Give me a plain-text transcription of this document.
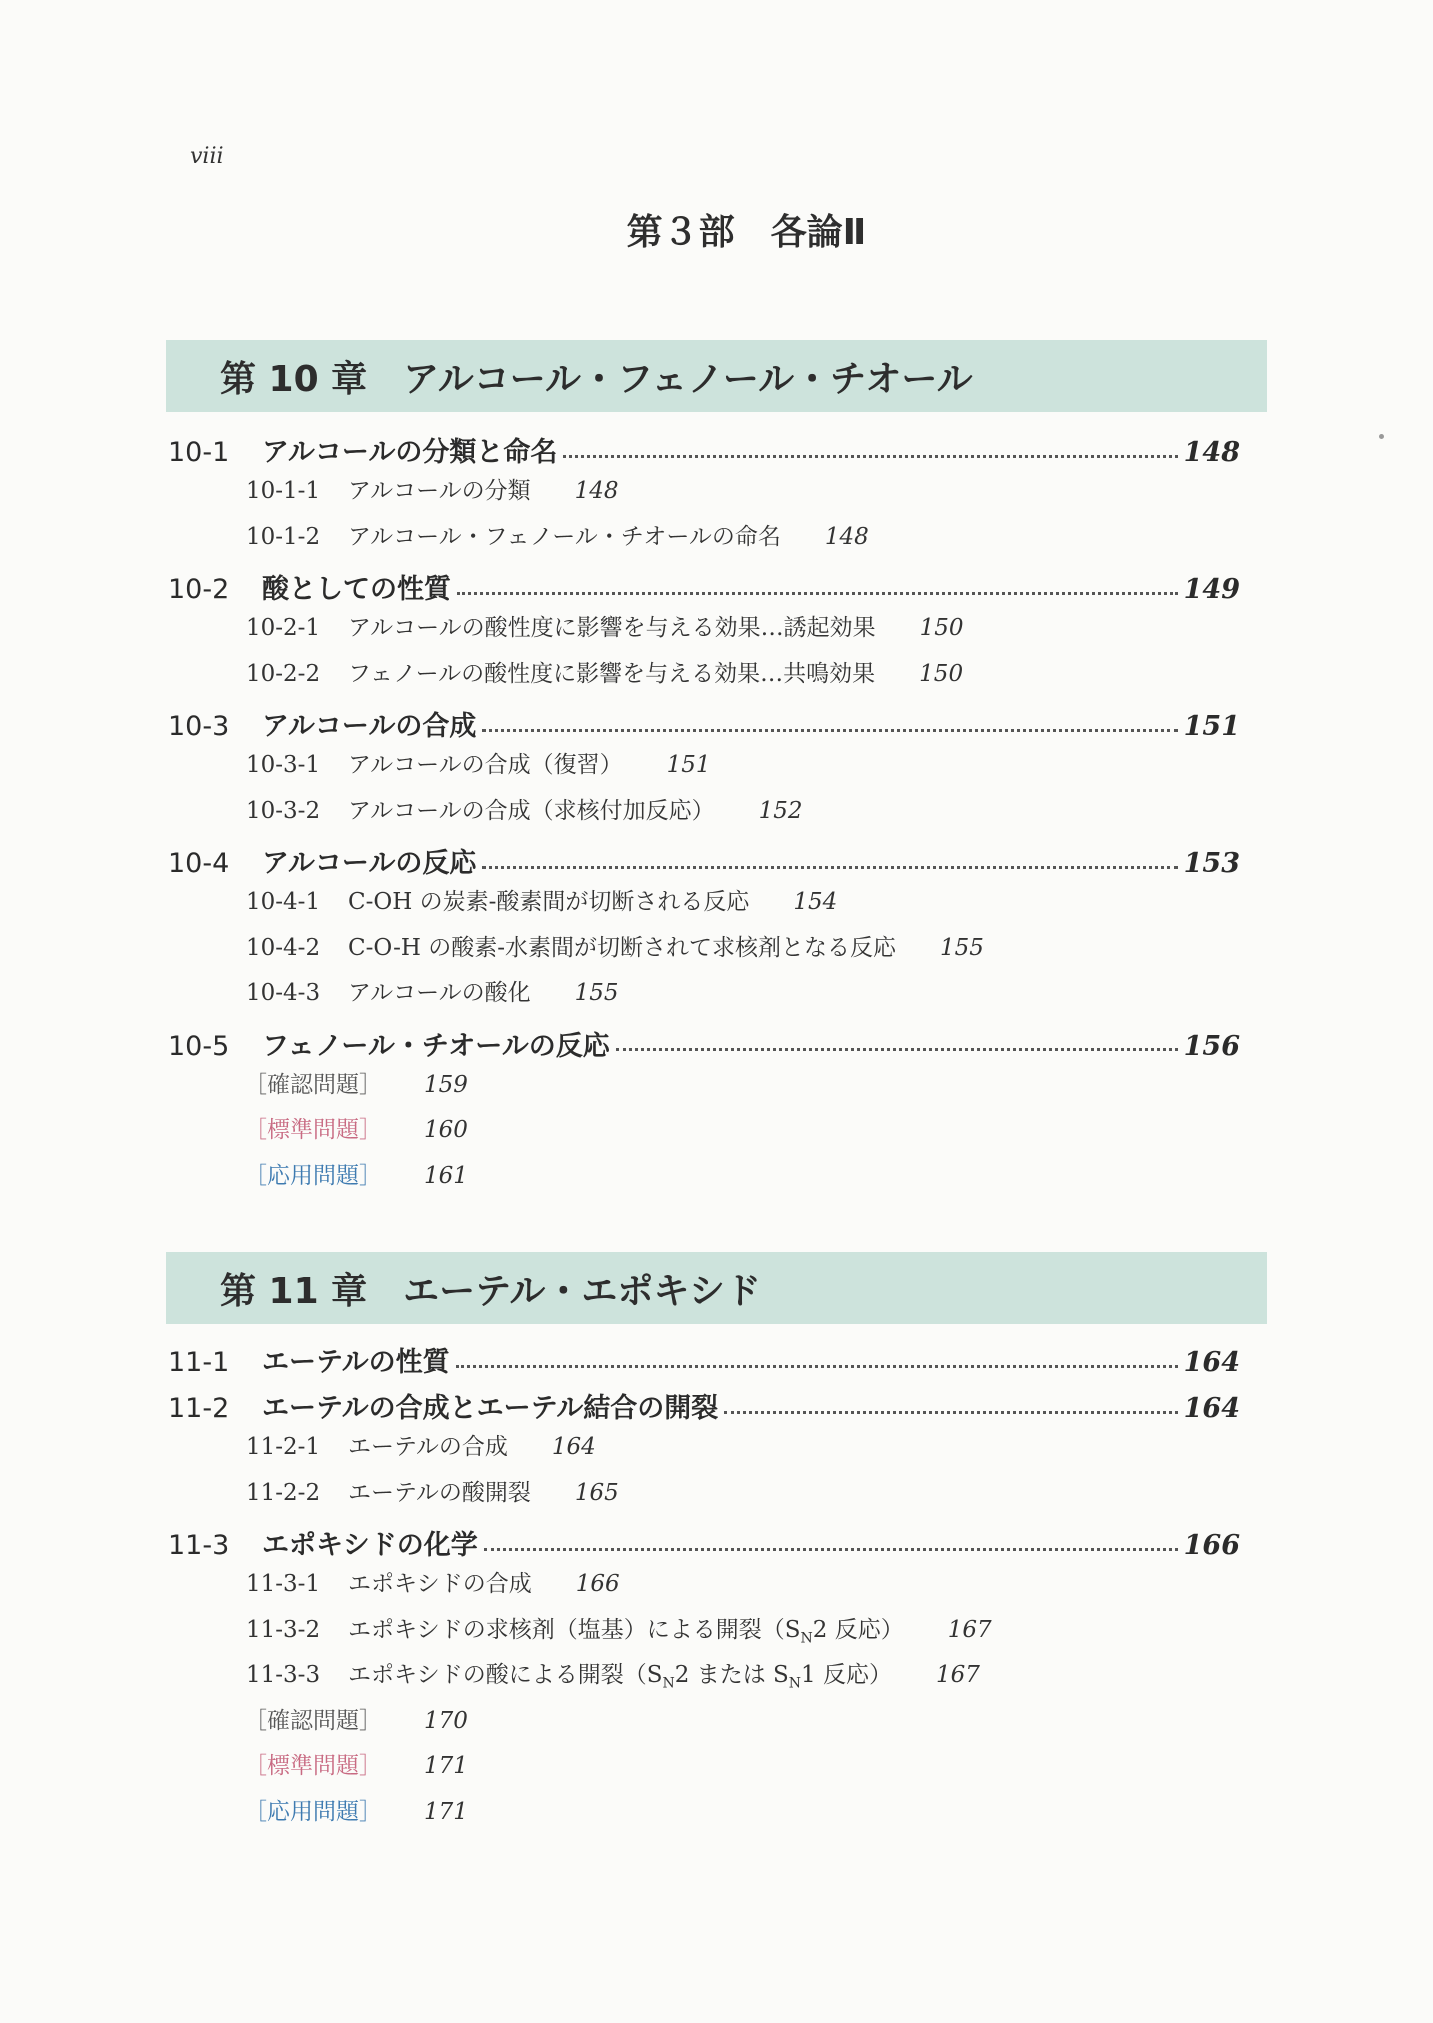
viii
第３部　各論Ⅱ
第 10 章　アルコール・フェノール・チオール
第 11 章　エーテル・エポキシド
10-1	アルコールの分類と命名	148
10-1-1 アルコールの分類 148
10-1-2 アルコール・フェノール・チオールの命名 148
10-2	酸としての性質	149
10-2-1 アルコールの酸性度に影響を与える効果…誘起効果 150
10-2-2 フェノールの酸性度に影響を与える効果…共鳴効果 150
10-3	アルコールの合成	151
10-3-1 アルコールの合成（復習） 151
10-3-2 アルコールの合成（求核付加反応） 152
10-4	アルコールの反応	153
10-4-1 C-OH の炭素-酸素間が切断される反応 154
10-4-2 C-O-H の酸素-水素間が切断されて求核剤となる反応 155
10-4-3 アルコールの酸化 155
10-5	フェノール・チオールの反応	156
［確認問題］ 159
［標準問題］ 160
［応用問題］ 161
11-1	エーテルの性質	164
11-2	エーテルの合成とエーテル結合の開裂	164
11-2-1 エーテルの合成 164
11-2-2 エーテルの酸開裂 165
11-3	エポキシドの化学	166
11-3-1 エポキシドの合成 166
11-3-2 エポキシドの求核剤（塩基）による開裂（$S_N2$ 反応） 167
11-3-3 エポキシドの酸による開裂（$S_N2$ または $S_N1$ 反応） 167
［確認問題］ 170
［標準問題］ 171
［応用問題］ 171
